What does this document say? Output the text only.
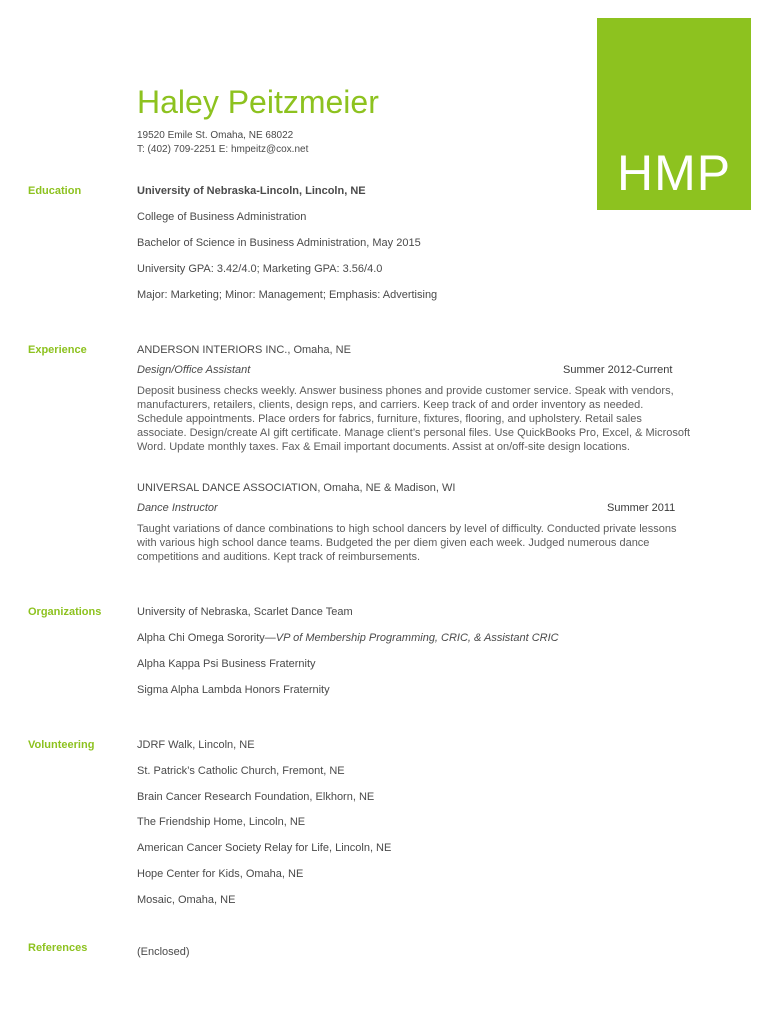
HMP
Haley Peitzmeier
19520 Emile St. Omaha, NE 68022
T: (402) 709-2251 E: hmpeitz@cox.net
Education	University of Nebraska-Lincoln, Lincoln, NE
College of Business Administration
Bachelor of Science in Business Administration, May 2015
University GPA: 3.42/4.0; Marketing GPA: 3.56/4.0
Major: Marketing; Minor: Management; Emphasis: Advertising
Experience	ANDERSON INTERIORS INC., Omaha, NE
Design/Office Assistant	Summer 2012-Current

Deposit business checks weekly. Answer business phones and provide customer service. Speak with vendors, manufacturers, retailers, clients, design reps, and carriers. Keep track of and order inventory as needed. Schedule appointments. Place orders for fabrics, furniture, fixtures, flooring, and upholstery. Retail sales associate. Design/create AI gift certificate. Manage client’s personal files. Use QuickBooks Pro, Excel, & Microsoft Word. Update monthly taxes. Fax & Email important documents. Assist at on/off-site design locations.

UNIVERSAL DANCE ASSOCIATION, Omaha, NE & Madison, WI
Dance Instructor	Summer 2011

Taught variations of dance combinations to high school dancers by level of difficulty. Conducted private lessons with various high school dance teams. Budgeted the per diem given each week. Judged numerous dance competitions and auditions. Kept track of reimbursements.

Organizations	University of Nebraska, Scarlet Dance Team
Alpha Chi Omega Sorority—VP of Membership Programming, CRIC, & Assistant CRIC
Alpha Kappa Psi Business Fraternity
Sigma Alpha Lambda Honors Fraternity
Volunteering	JDRF Walk, Lincoln, NE
St. Patrick’s Catholic Church, Fremont, NE
Brain Cancer Research Foundation, Elkhorn, NE
The Friendship Home, Lincoln, NE
American Cancer Society Relay for Life, Lincoln, NE
Hope Center for Kids, Omaha, NE
Mosaic, Omaha, NE
References	(Enclosed)
